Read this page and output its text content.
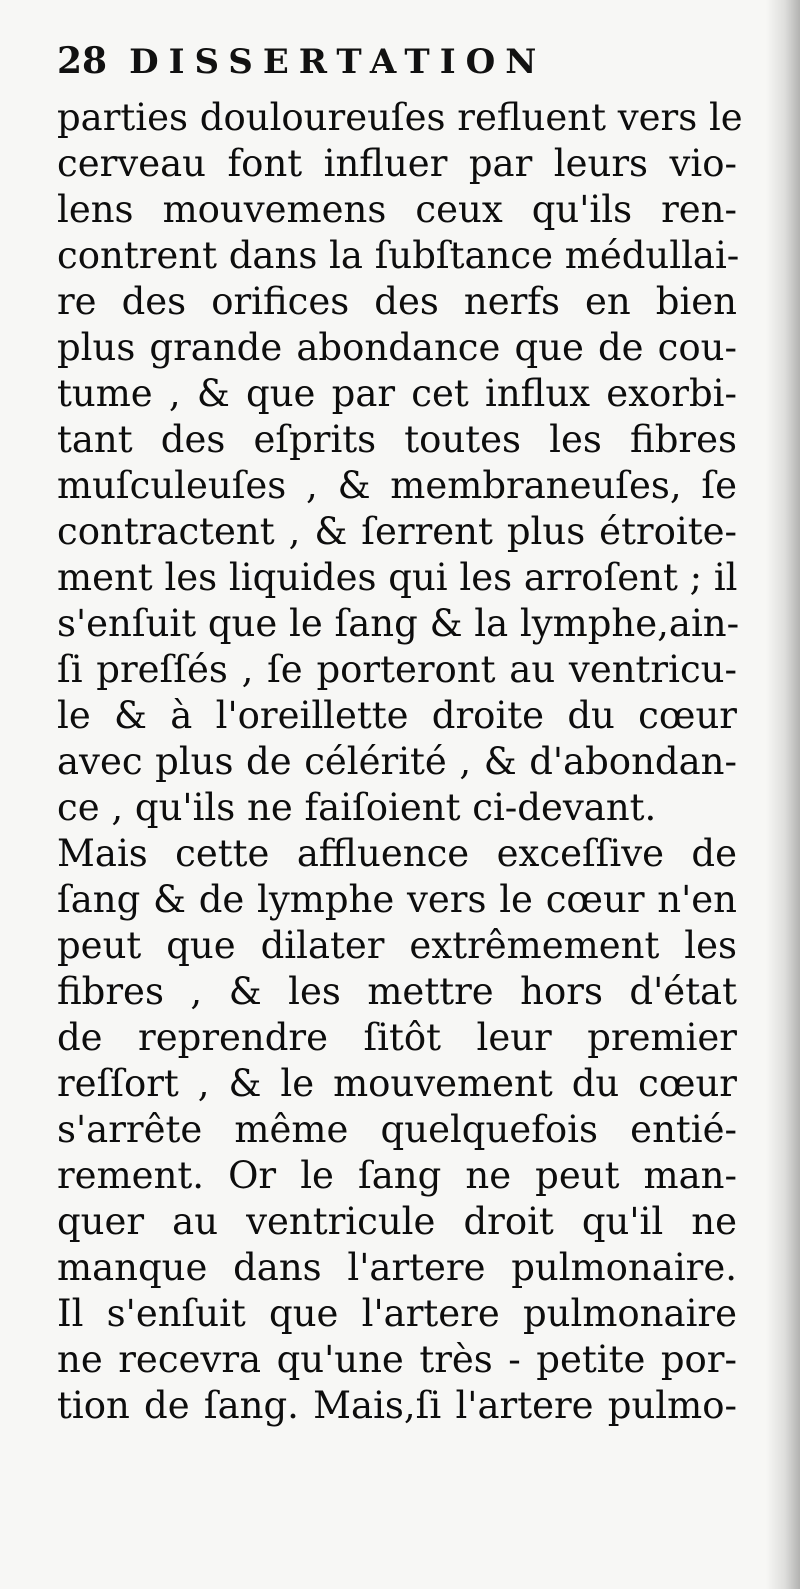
28 DISSERTATION
parties douloureuſes refluent vers le
cerveau font influer par leurs vio-
lens mouvemens ceux qu'ils ren-
contrent dans la ſubſtance médullai-
re des orifices des nerfs en bien
plus grande abondance que de cou-
tume , & que par cet influx exorbi-
tant des eſprits toutes les fibres
muſculeuſes , & membraneuſes, ſe
contractent , & ſerrent plus étroite-
ment les liquides qui les arroſent ; il
s'enſuit que le ſang & la lymphe,ain-
ſi preſſés , ſe porteront au ventricu-
le & à l'oreillette droite du cœur
avec plus de célérité , & d'abondan-
ce , qu'ils ne faiſoient ci-devant.
Mais cette affluence exceſſive de
ſang & de lymphe vers le cœur n'en
peut que dilater extrêmement les
fibres , & les mettre hors d'état
de reprendre ſitôt leur premier
reſſort , & le mouvement du cœur
s'arrête même quelquefois entié-
rement. Or le ſang ne peut man-
quer au ventricule droit qu'il ne
manque dans l'artere pulmonaire.
Il s'enſuit que l'artere pulmonaire
ne recevra qu'une très - petite por-
tion de ſang. Mais,ſi l'artere pulmo-
